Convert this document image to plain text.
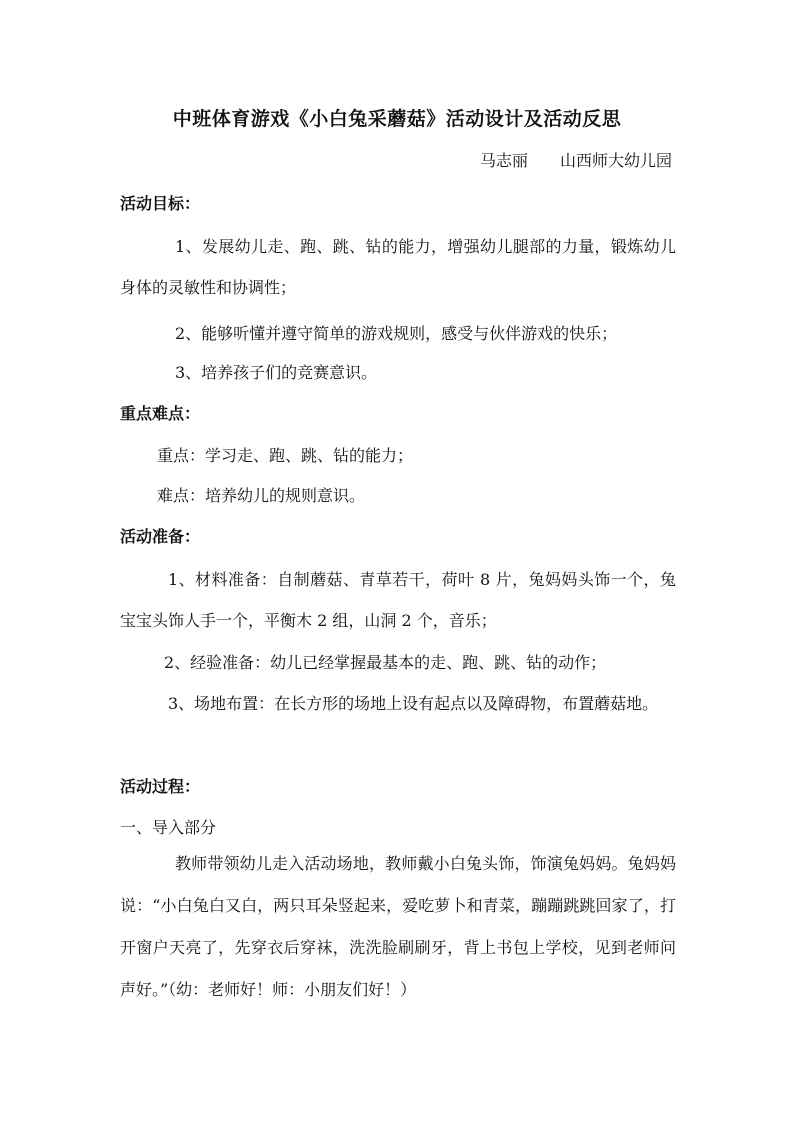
中班体育游戏《小白兔采蘑菇》活动设计及活动反思
马志丽　　山西师大幼儿园
活动目标：
1、发展幼儿走、跑、跳、钻的能力，增强幼儿腿部的力量，锻炼幼儿身体的灵敏性和协调性；
2、能够听懂并遵守简单的游戏规则，感受与伙伴游戏的快乐；
3、培养孩子们的竞赛意识。
重点难点：
重点：学习走、跑、跳、钻的能力；
难点：培养幼儿的规则意识。
活动准备：
1、材料准备：自制蘑菇、青草若干，荷叶 8 片，兔妈妈头饰一个，兔宝宝头饰人手一个，平衡木 2 组，山洞 2 个，音乐；
2、经验准备：幼儿已经掌握最基本的走、跑、跳、钻的动作；
3、场地布置：在长方形的场地上设有起点以及障碍物，布置蘑菇地。
活动过程：
一、导入部分
教师带领幼儿走入活动场地，教师戴小白兔头饰，饰演兔妈妈。兔妈妈说：“小白兔白又白，两只耳朵竖起来，爱吃萝卜和青菜，蹦蹦跳跳回家了，打开窗户天亮了，先穿衣后穿袜，洗洗脸刷刷牙，背上书包上学校，见到老师问声好。”（幼：老师好！师：小朋友们好！）
